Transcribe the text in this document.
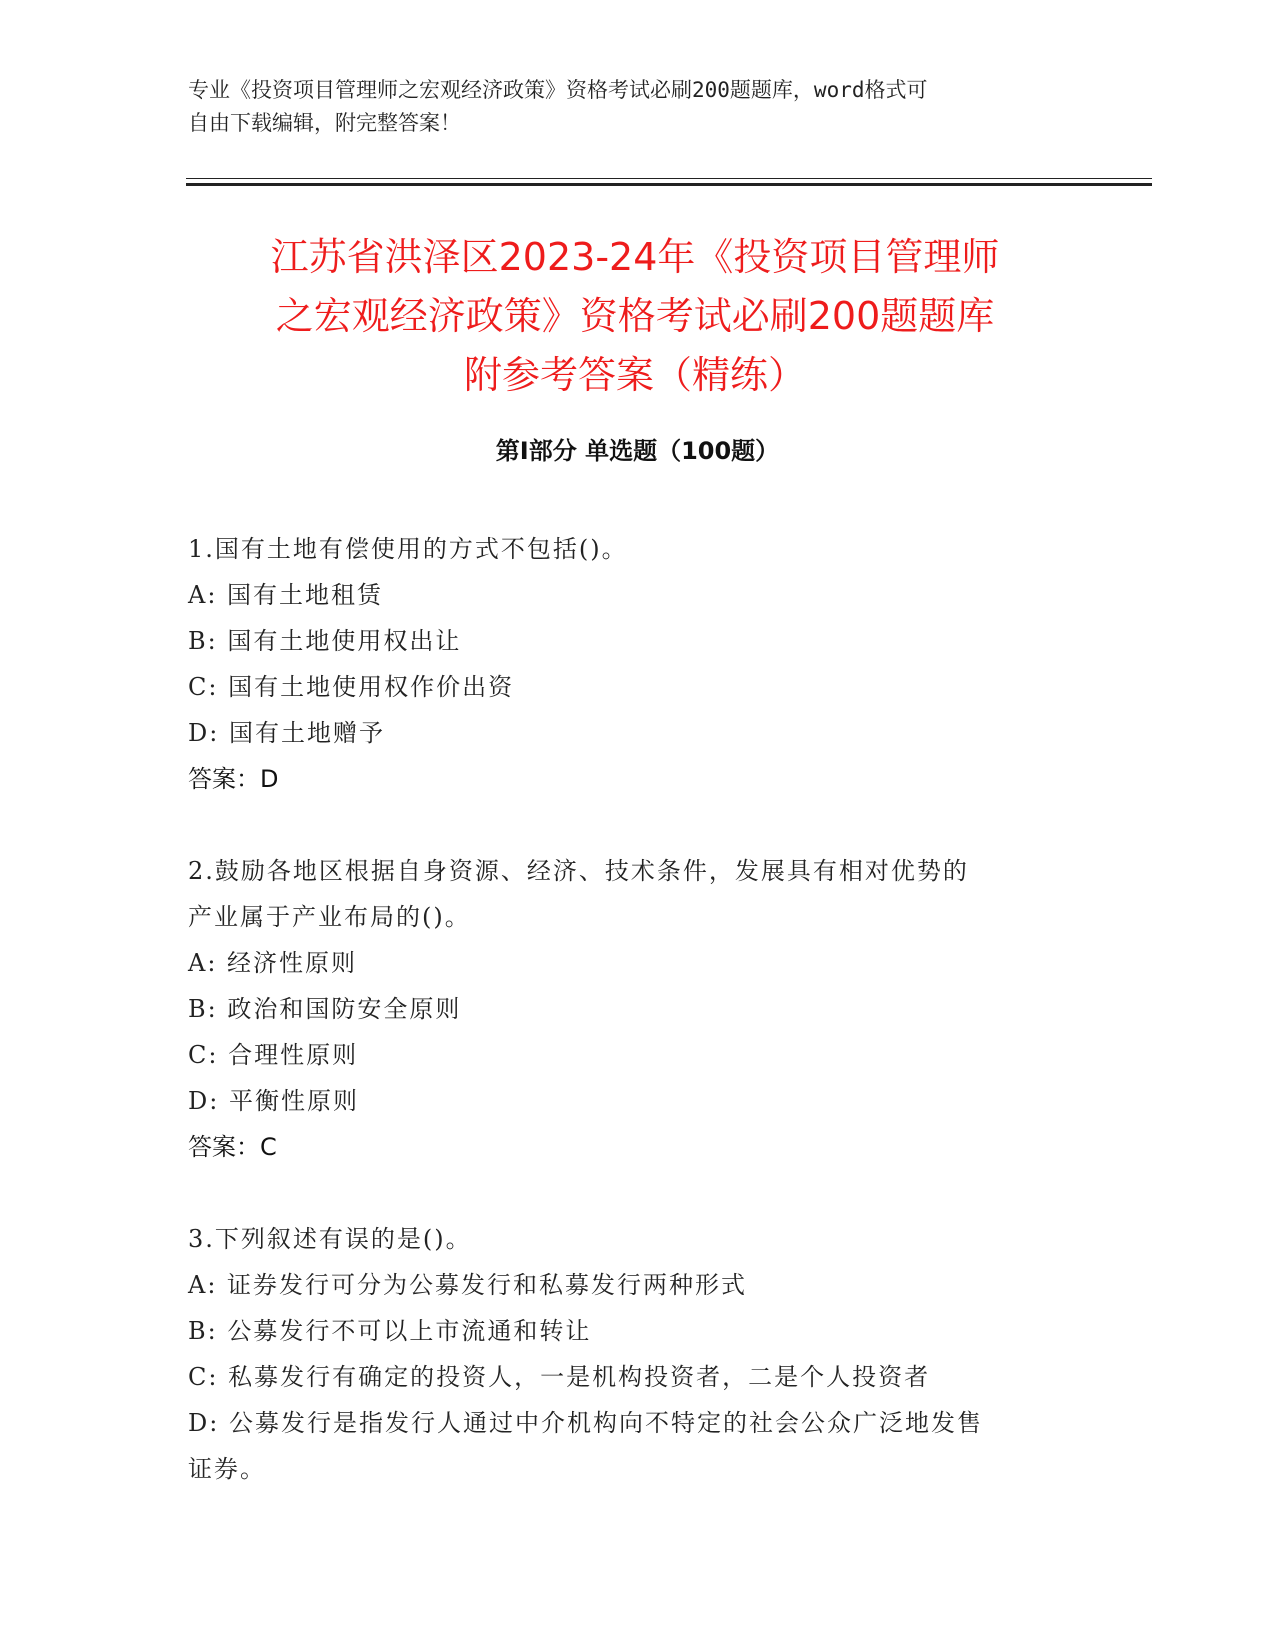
专业《投资项目管理师之宏观经济政策》资格考试必刷200题题库，word格式可
自由下载编辑，附完整答案！
江苏省洪泽区2023-24年《投资项目管理师
之宏观经济政策》资格考试必刷200题题库
附参考答案（精练）
第Ⅰ部分 单选题（100题）
1.国有土地有偿使用的方式不包括()。
A: 国有土地租赁
B: 国有土地使用权出让
C: 国有土地使用权作价出资
D: 国有土地赠予
答案：D
2.鼓励各地区根据自身资源、经济、技术条件，发展具有相对优势的
产业属于产业布局的()。
A: 经济性原则
B: 政治和国防安全原则
C: 合理性原则
D: 平衡性原则
答案：C
3.下列叙述有误的是()。
A: 证券发行可分为公募发行和私募发行两种形式
B: 公募发行不可以上市流通和转让
C: 私募发行有确定的投资人，一是机构投资者，二是个人投资者
D: 公募发行是指发行人通过中介机构向不特定的社会公众广泛地发售
证券。
